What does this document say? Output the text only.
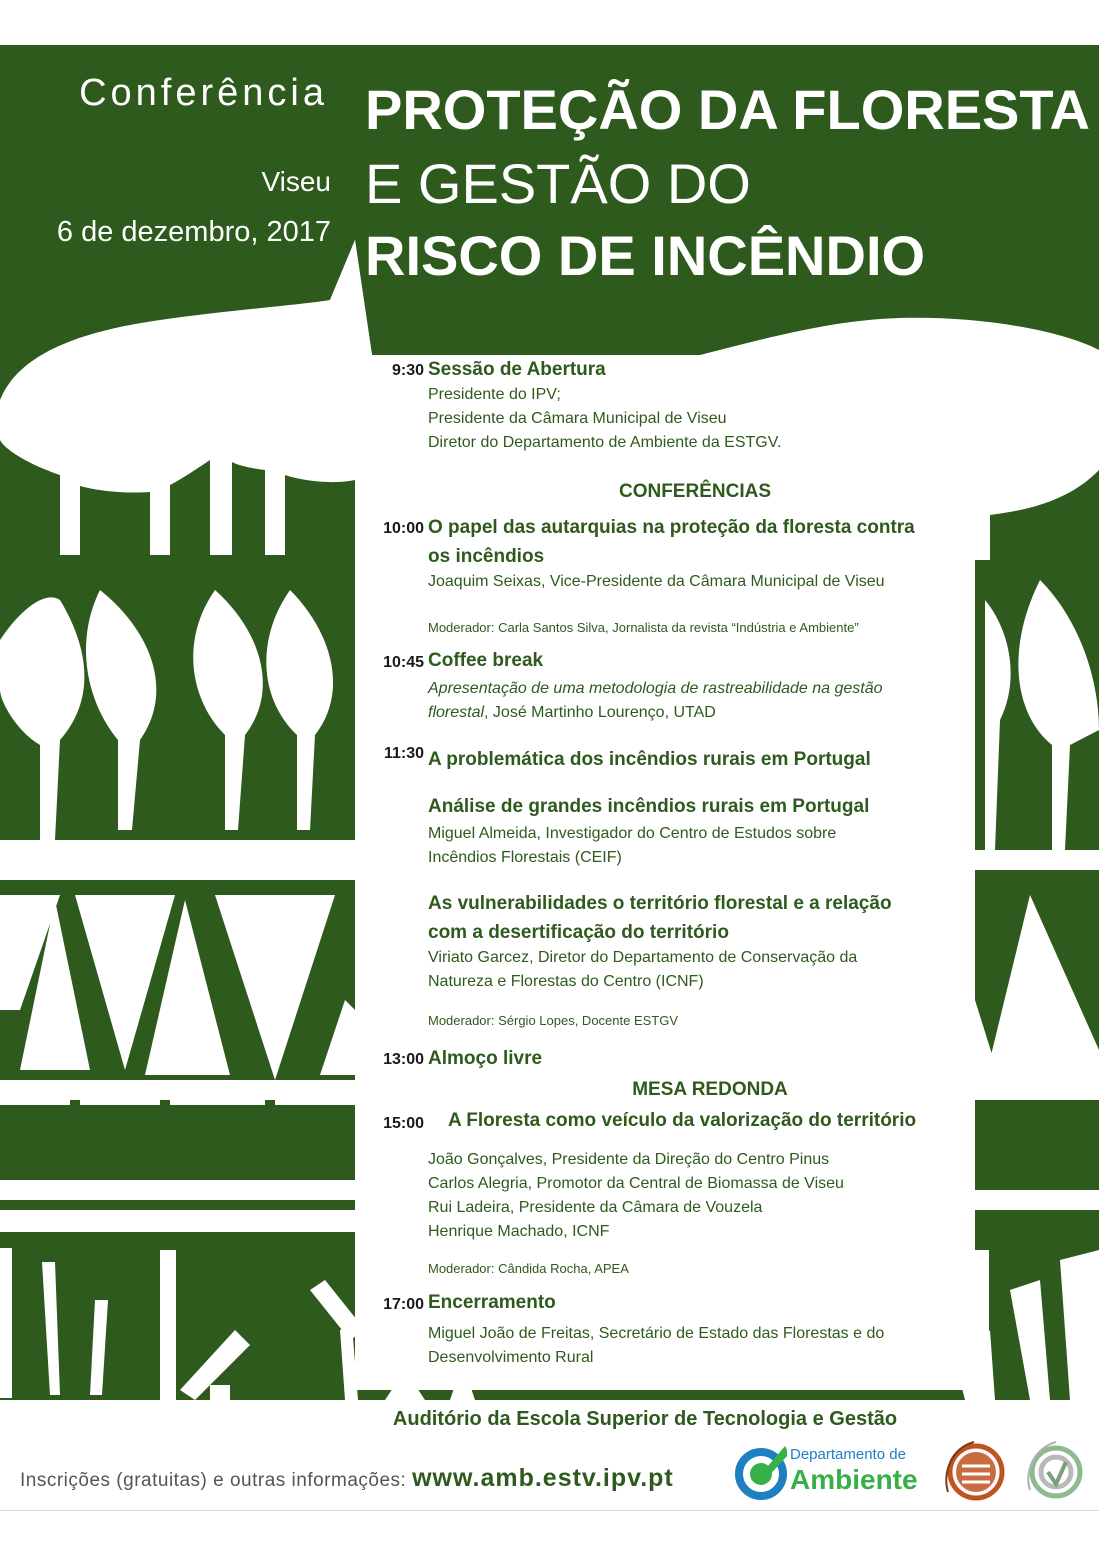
Conferência
Viseu
6 de dezembro, 2017
PROTEÇÃO DA FLORESTA
E GESTÃO DO
RISCO DE INCÊNDIO
9:30 Sessão de Abertura
Presidente do IPV;
Presidente da Câmara Municipal de Viseu
Diretor do Departamento de Ambiente da ESTGV.
CONFERÊNCIAS
10:00 O papel das autarquias na proteção da floresta contra
os incêndios
Joaquim Seixas, Vice-Presidente da Câmara Municipal de Viseu
Moderador: Carla Santos Silva, Jornalista da revista “Indústria e Ambiente”
10:45 Coffee break
Apresentação de uma metodologia de rastreabilidade na gestão
florestal, José Martinho Lourenço, UTAD
11:30 A problemática dos incêndios rurais em Portugal
Análise de grandes incêndios rurais em Portugal
Miguel Almeida, Investigador do Centro de Estudos sobre
Incêndios Florestais (CEIF)
As vulnerabilidades o território florestal e a relação
com a desertificação do território
Viriato Garcez, Diretor do Departamento de Conservação da
Natureza e Florestas do Centro (ICNF)
Moderador: Sérgio Lopes, Docente ESTGV
13:00 Almoço livre
MESA REDONDA
15:00 A Floresta como veículo da valorização do território
João Gonçalves, Presidente da Direção do Centro Pinus
Carlos Alegria, Promotor da Central de Biomassa de Viseu
Rui Ladeira, Presidente da Câmara de Vouzela
Henrique Machado, ICNF
Moderador: Cândida Rocha, APEA
17:00 Encerramento
Miguel João de Freitas, Secretário de Estado das Florestas e do
Desenvolvimento Rural
Auditório da Escola Superior de Tecnologia e Gestão
Inscrições (gratuitas) e outras informações: www.amb.estv.ipv.pt
Departamento de
Ambiente
